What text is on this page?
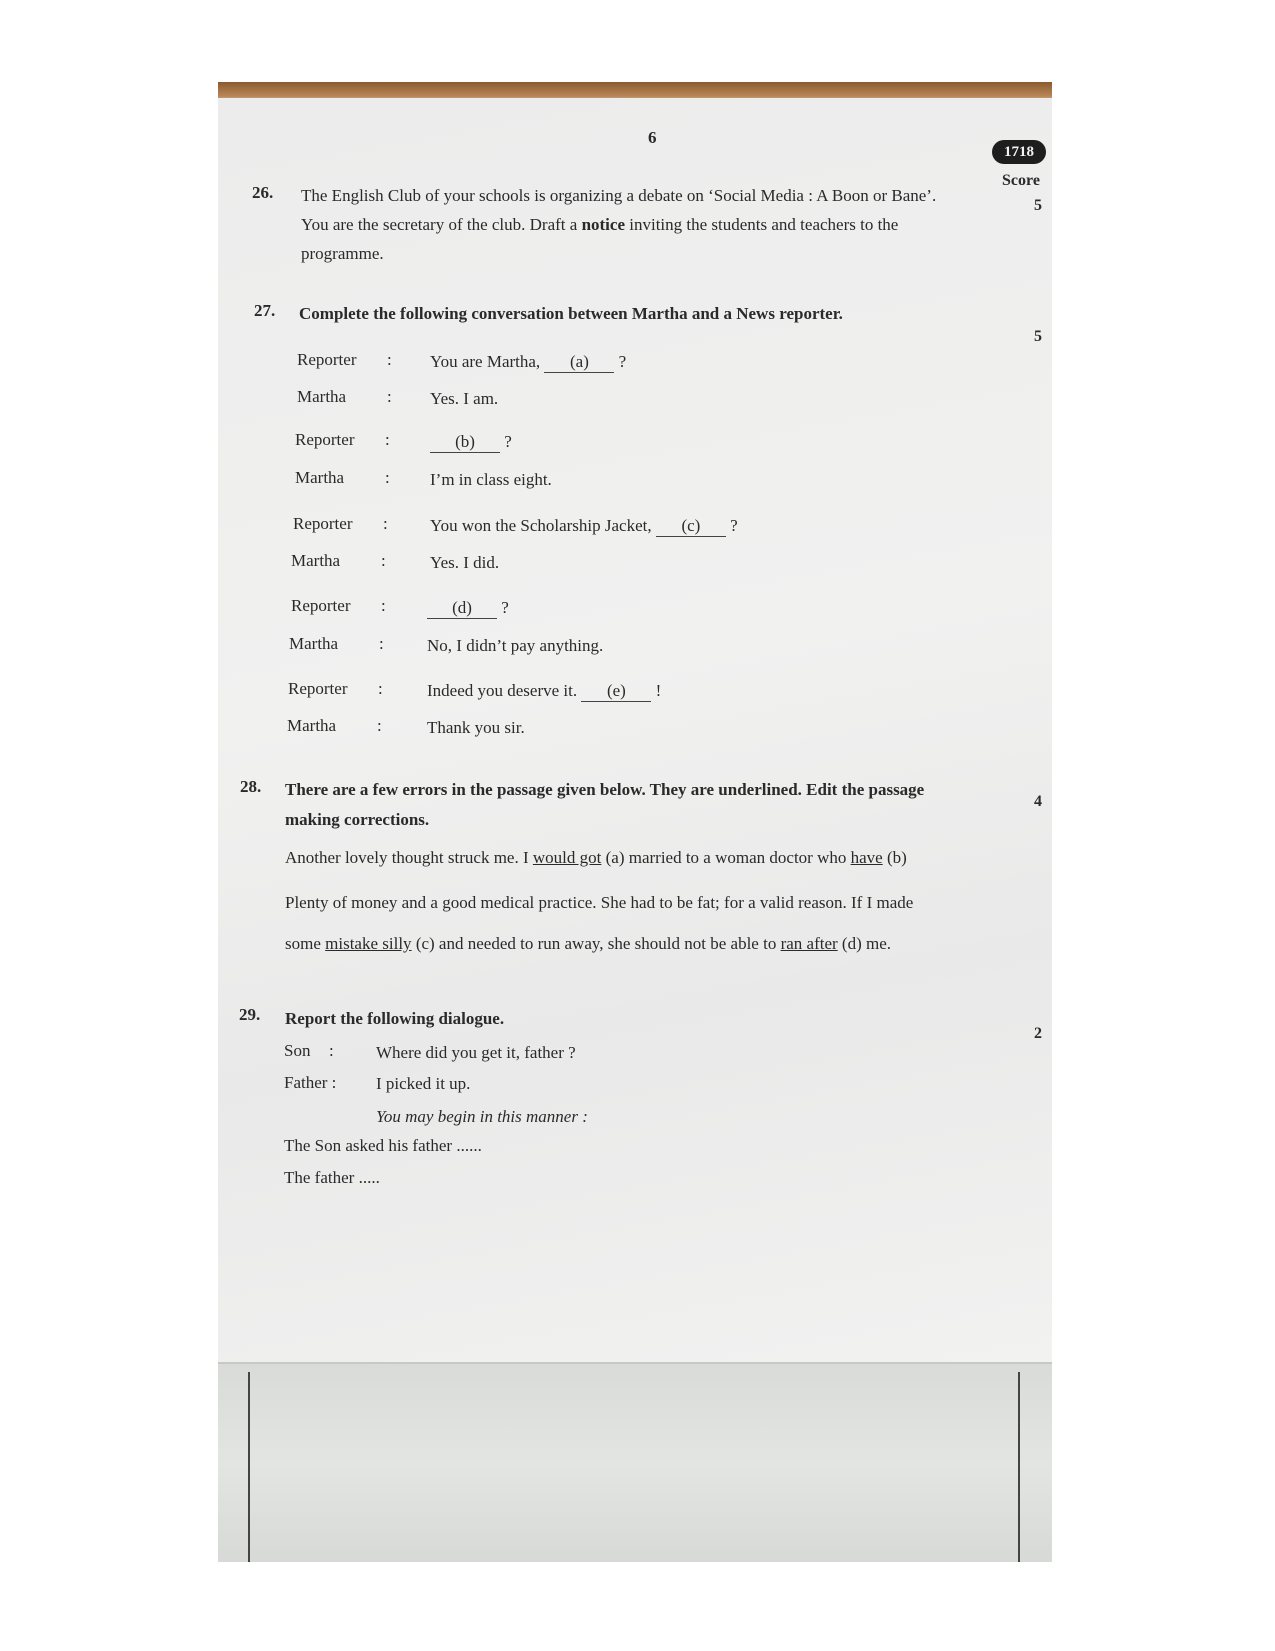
6
1718
Score
26.
5
The English Club of your schools is organizing a debate on ‘Social Media : A Boon or Bane’.
You are the secretary of the club. Draft a notice inviting the students and teachers to the
programme.
27.
5
Complete the following conversation between Martha and a News reporter.
Reporter : You are Martha, (a) ?
Martha : Yes. I am.
Reporter :	(b) ?
Martha : I’m in class eight.
Reporter : You won the Scholarship Jacket, (c) ?
Martha :	Yes. I did.
Reporter :	(d) ?
Martha :	No, I didn’t pay anything.
Reporter :	Indeed you deserve it. (e) !
Martha :	Thank you sir.
28.
4
There are a few errors in the passage given below. They are underlined. Edit the passage
making corrections.
Another lovely thought struck me. I would got (a) married to a woman doctor who have (b)
Plenty of money and a good medical practice. She had to be fat; for a valid reason. If I made
some mistake silly (c) and needed to run away, she should not be able to ran after (d) me.
29.
2
Report the following dialogue.
Son : Where did you get it, father ?
Father : I picked it up.
You may begin in this manner :
The Son asked his father ......
The father .....
